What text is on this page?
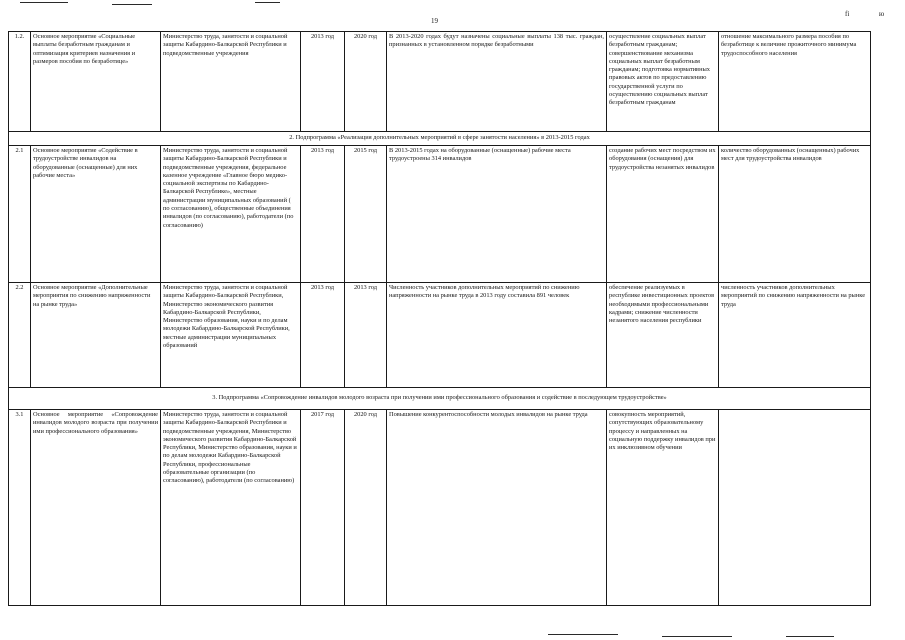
19
fi	ю
1.2.	Основное мероприятие «Социальные выплаты безработным гражданам и оптимизация критериев назначения и размеров пособия по безработице»	Министерство труда, занятости и социальной защиты Кабардино-Балкарской Республики и подведомственные учреждения	2013 год	2020 год	В 2013-2020 годах будут назначены социальные выплаты 138 тыс. граждан, признанных в установленном порядке безработными	осуществление социальных выплат безработным гражданам; совершенствование механизма социальных выплат безработным гражданам; подготовка нормативных правовых актов по предоставлению государственной услуги по осуществлению социальных выплат безработным гражданам	отношение максимального размера пособия по безработице к величине прожиточного минимума трудоспособного населения
2. Подпрограмма «Реализация дополнительных мероприятий в сфере занятости населения» в 2013-2015 годах							
2.1	Основное мероприятие «Содействие в трудоустройстве инвалидов на оборудованные (оснащенные) для них рабочие места»	Министерство труда, занятости и социальной защиты Кабардино-Балкарской Республики и подведомственные учреждения, федеральное казенное учреждение «Главное бюро медико-социальной экспертизы по Кабардино-Балкарской Республике», местные администрации муниципальных образований ( по согласованию), общественные объединения инвалидов (по согласованию), работодатели (по согласованию)	2013 год	2015 год	В 2013-2015 годах на оборудованные (оснащенные) рабочие места трудоустроены 314 инвалидов	создание рабочих мест посредством их оборудования (оснащения) для трудоустройства незанятых инвалидов	количество оборудованных (оснащенных) рабочих мест для трудоустройства инвалидов
2.2	Основное мероприятие «Дополнительные мероприятия по снижению напряженности на рынке труда»	Министерство труда, занятости и социальной защиты Кабардино-Балкарской Республики, Министерство экономического развития Кабардино-Балкарской Республики, Министерство образования, науки и по делам молодежи Кабардино-Балкарской Республики, местные администрации муниципальных образований	2013 год	2013 год	Численность участников дополнительных мероприятий по снижению напряженности на рынке труда в 2013 году составила 891 человек	обеспечение реализуемых в республике инвестиционных проектов необходимыми профессиональными кадрами; снижение численности незанятого населения республики	численность участников дополнительных мероприятий по снижению напряженности на рынке труда
3. Подпрограмма «Сопровождение инвалидов молодого возраста при получении ими профессионального образования и содействие в последующем трудоустройстве»							
3.1	Основное мероприятие «Сопровождение инвалидов молодого возраста при получении ими профессионального образования»	Министерство труда, занятости и социальной защиты Кабардино-Балкарской Республики и подведомственные учреждения, Министерство экономического развития Кабардино-Балкарской Республики, Министерство образования, науки и по делам молодежи Кабардино-Балкарской Республики, профессиональные образовательные организации (по согласованию), работодатели (по согласованию)	2017 год	2020 год	Повышение конкурентоспособности молодых инвалидов на рынке труда	совокупность мероприятий, сопутствующих образовательному процессу и направленных на социальную поддержку инвалидов при их инклюзивном обучении	
